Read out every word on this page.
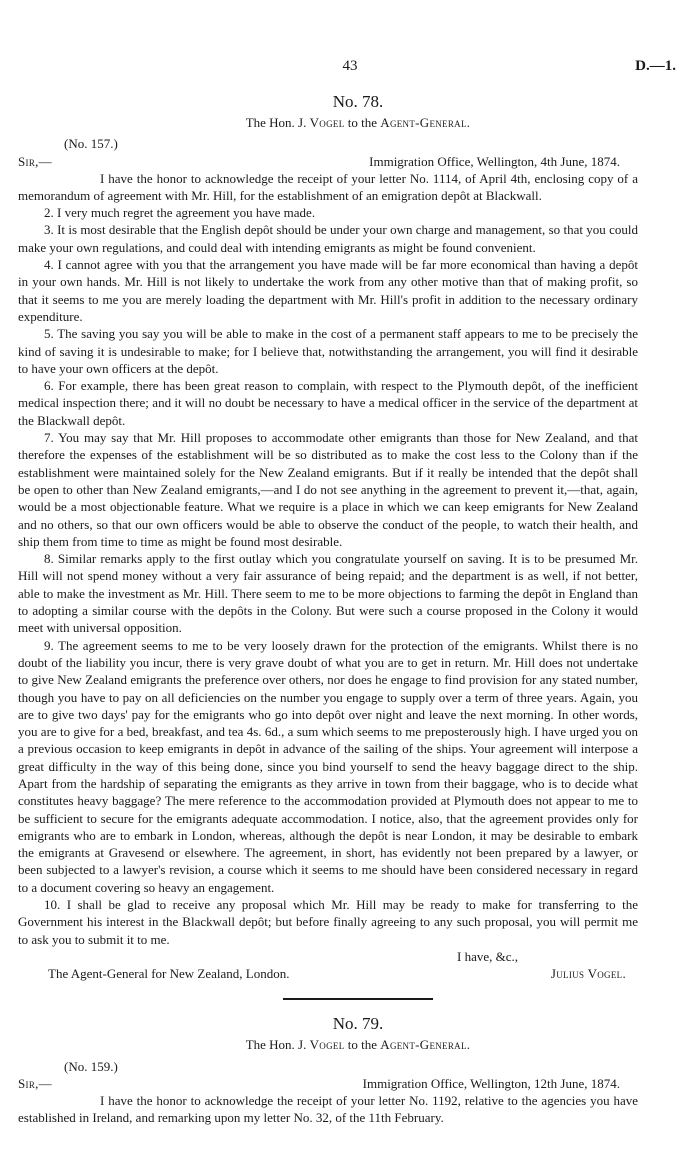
43	D.—1.

No. 78.

The Hon. J. Vogel to the Agent-General.

(No. 157.)

Sir,—	Immigration Office, Wellington, 4th June, 1874.

I have the honor to acknowledge the receipt of your letter No. 1114, of April 4th, enclosing copy of a memorandum of agreement with Mr. Hill, for the establishment of an emigration depôt at Blackwall.

2. I very much regret the agreement you have made.

3. It is most desirable that the English depôt should be under your own charge and management, so that you could make your own regulations, and could deal with intending emigrants as might be found convenient.

4. I cannot agree with you that the arrangement you have made will be far more economical than having a depôt in your own hands. Mr. Hill is not likely to undertake the work from any other motive than that of making profit, so that it seems to me you are merely loading the department with Mr. Hill's profit in addition to the necessary ordinary expenditure.

5. The saving you say you will be able to make in the cost of a permanent staff appears to me to be precisely the kind of saving it is undesirable to make; for I believe that, notwithstanding the arrangement, you will find it desirable to have your own officers at the depôt.

6. For example, there has been great reason to complain, with respect to the Plymouth depôt, of the inefficient medical inspection there; and it will no doubt be necessary to have a medical officer in the service of the department at the Blackwall depôt.

7. You may say that Mr. Hill proposes to accommodate other emigrants than those for New Zealand, and that therefore the expenses of the establishment will be so distributed as to make the cost less to the Colony than if the establishment were maintained solely for the New Zealand emigrants. But if it really be intended that the depôt shall be open to other than New Zealand emigrants,—and I do not see anything in the agreement to prevent it,—that, again, would be a most objectionable feature. What we require is a place in which we can keep emigrants for New Zealand and no others, so that our own officers would be able to observe the conduct of the people, to watch their health, and ship them from time to time as might be found most desirable.

8. Similar remarks apply to the first outlay which you congratulate yourself on saving. It is to be presumed Mr. Hill will not spend money without a very fair assurance of being repaid; and the department is as well, if not better, able to make the investment as Mr. Hill. There seem to me to be more objections to farming the depôt in England than to adopting a similar course with the depôts in the Colony. But were such a course proposed in the Colony it would meet with universal opposition.

9. The agreement seems to me to be very loosely drawn for the protection of the emigrants. Whilst there is no doubt of the liability you incur, there is very grave doubt of what you are to get in return. Mr. Hill does not undertake to give New Zealand emigrants the preference over others, nor does he engage to find provision for any stated number, though you have to pay on all deficiencies on the number you engage to supply over a term of three years. Again, you are to give two days' pay for the emigrants who go into depôt over night and leave the next morning. In other words, you are to give for a bed, breakfast, and tea 4s. 6d., a sum which seems to me preposterously high. I have urged you on a previous occasion to keep emigrants in depôt in advance of the sailing of the ships. Your agreement will interpose a great difficulty in the way of this being done, since you bind yourself to send the heavy baggage direct to the ship. Apart from the hardship of separating the emigrants as they arrive in town from their baggage, who is to decide what constitutes heavy baggage? The mere reference to the accommodation provided at Plymouth does not appear to me to be sufficient to secure for the emigrants adequate accommodation. I notice, also, that the agreement provides only for emigrants who are to embark in London, whereas, although the depôt is near London, it may be desirable to embark the emigrants at Gravesend or elsewhere. The agreement, in short, has evidently not been prepared by a lawyer, or been subjected to a lawyer's revision, a course which it seems to me should have been considered necessary in regard to a document covering so heavy an engagement.

10. I shall be glad to receive any proposal which Mr. Hill may be ready to make for transferring to the Government his interest in the Blackwall depôt; but before finally agreeing to any such proposal, you will permit me to ask you to submit it to me.

I have, &c.,

The Agent-General for New Zealand, London.	Julius Vogel.

No. 79.

The Hon. J. Vogel to the Agent-General.

(No. 159.)

Sir,—	Immigration Office, Wellington, 12th June, 1874.

I have the honor to acknowledge the receipt of your letter No. 1192, relative to the agencies you have established in Ireland, and remarking upon my letter No. 32, of the 11th February.
